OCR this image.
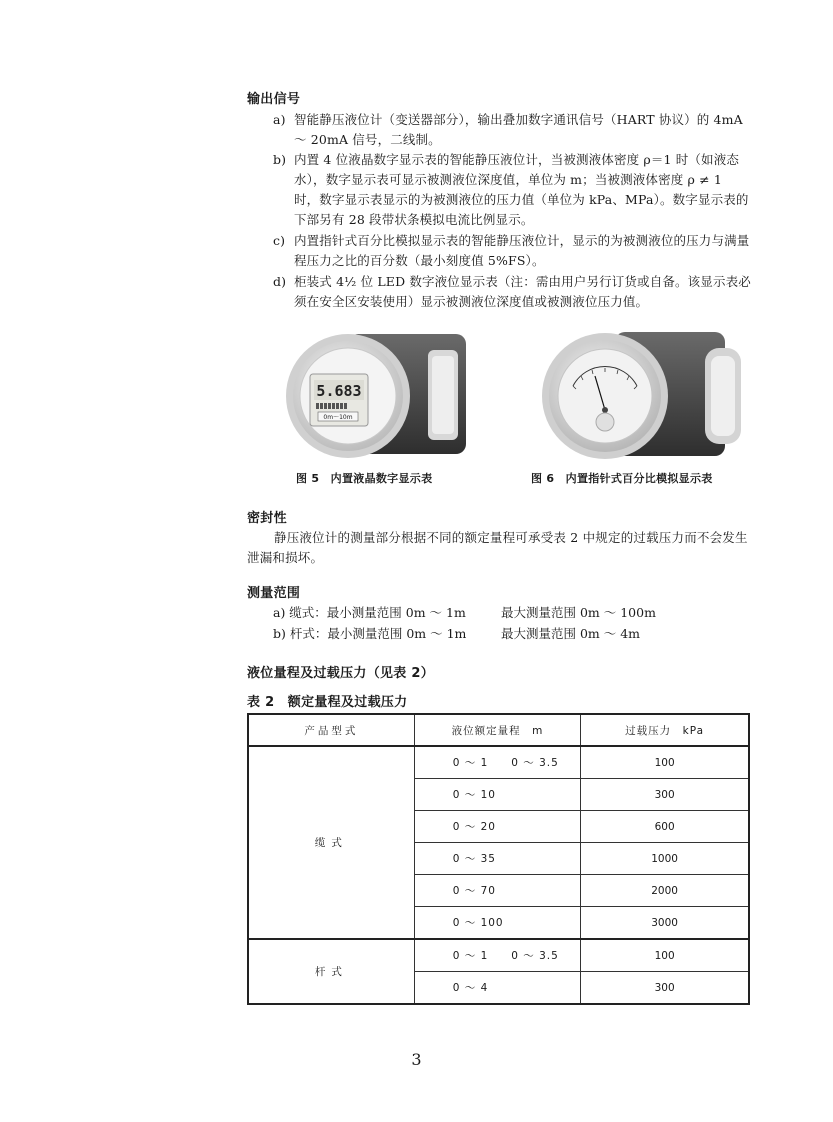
输出信号
a) 智能静压液位计（变送器部分），输出叠加数字通讯信号（HART 协议）的 4mA ～ 20mA 信号，二线制。
b) 内置 4 位液晶数字显示表的智能静压液位计，当被测液体密度 ρ＝1 时（如液态水），数字显示表可显示被测液位深度值，单位为 m；当被测液体密度 ρ ≠ 1 时，数字显示表显示的为被测液位的压力值（单位为 kPa、MPa）。数字显示表的下部另有 28 段带状条模拟电流比例显示。
c) 内置指针式百分比模拟显示表的智能静压液位计，显示的为被测液位的压力与满量程压力之比的百分数（最小刻度值 5%FS）。
d) 柜装式 4½ 位 LED 数字液位显示表（注：需由用户另行订货或自备。该显示表必须在安全区安装使用）显示被测液位深度值或被测液位压力值。
5.683
0m～10m
图 5　内置液晶数字显示表	图 6　内置指针式百分比模拟显示表
密封性
静压液位计的测量部分根据不同的额定量程可承受表 2 中规定的过载压力而不会发生泄漏和损坏。
测量范围
a) 缆式：最小测量范围 0m ～ 1m	最大测量范围 0m ～ 100m
b) 杆式：最小测量范围 0m ～ 1m	最大测量范围 0m ～ 4m
液位量程及过载压力（见表 2）
表 2　额定量程及过载压力
产品型式	液位额定量程　m	过载压力　kPa
缆式	0 ～ 1　　0 ～ 3.5	100
	0 ～ 10	300
	0 ～ 20	600
	0 ～ 35	1000
	0 ～ 70	2000
	0 ～ 100	3000
杆式	0 ～ 1　　0 ～ 3.5	100
	0 ～ 4	300
3
